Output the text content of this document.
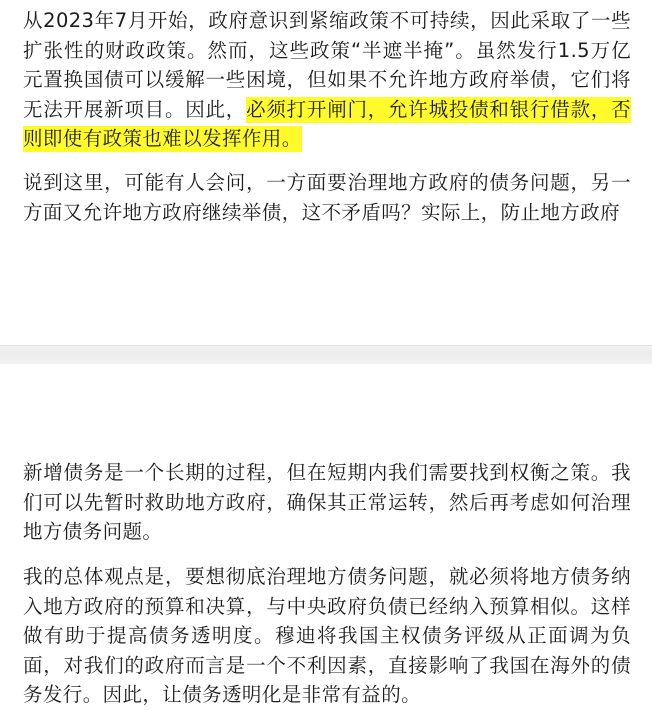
从2023年7月开始，政府意识到紧缩政策不可持续，因此采取了一些扩张性的财政政策。然而，这些政策“半遮半掩”。虽然发行1.5万亿元置换国债可以缓解一些困境，但如果不允许地方政府举债，它们将无法开展新项目。因此，必须打开闸门，允许城投债和银行借款，否则即使有政策也难以发挥作用。

说到这里，可能有人会问，一方面要治理地方政府的债务问题，另一方面又允许地方政府继续举债，这不矛盾吗？实际上，防止地方政府

新增债务是一个长期的过程，但在短期内我们需要找到权衡之策。我们可以先暂时救助地方政府，确保其正常运转，然后再考虑如何治理地方债务问题。

我的总体观点是，要想彻底治理地方债务问题，就必须将地方债务纳入地方政府的预算和决算，与中央政府负债已经纳入预算相似。这样做有助于提高债务透明度。穆迪将我国主权债务评级从正面调为负面，对我们的政府而言是一个不利因素，直接影响了我国在海外的债务发行。因此，让债务透明化是非常有益的。
